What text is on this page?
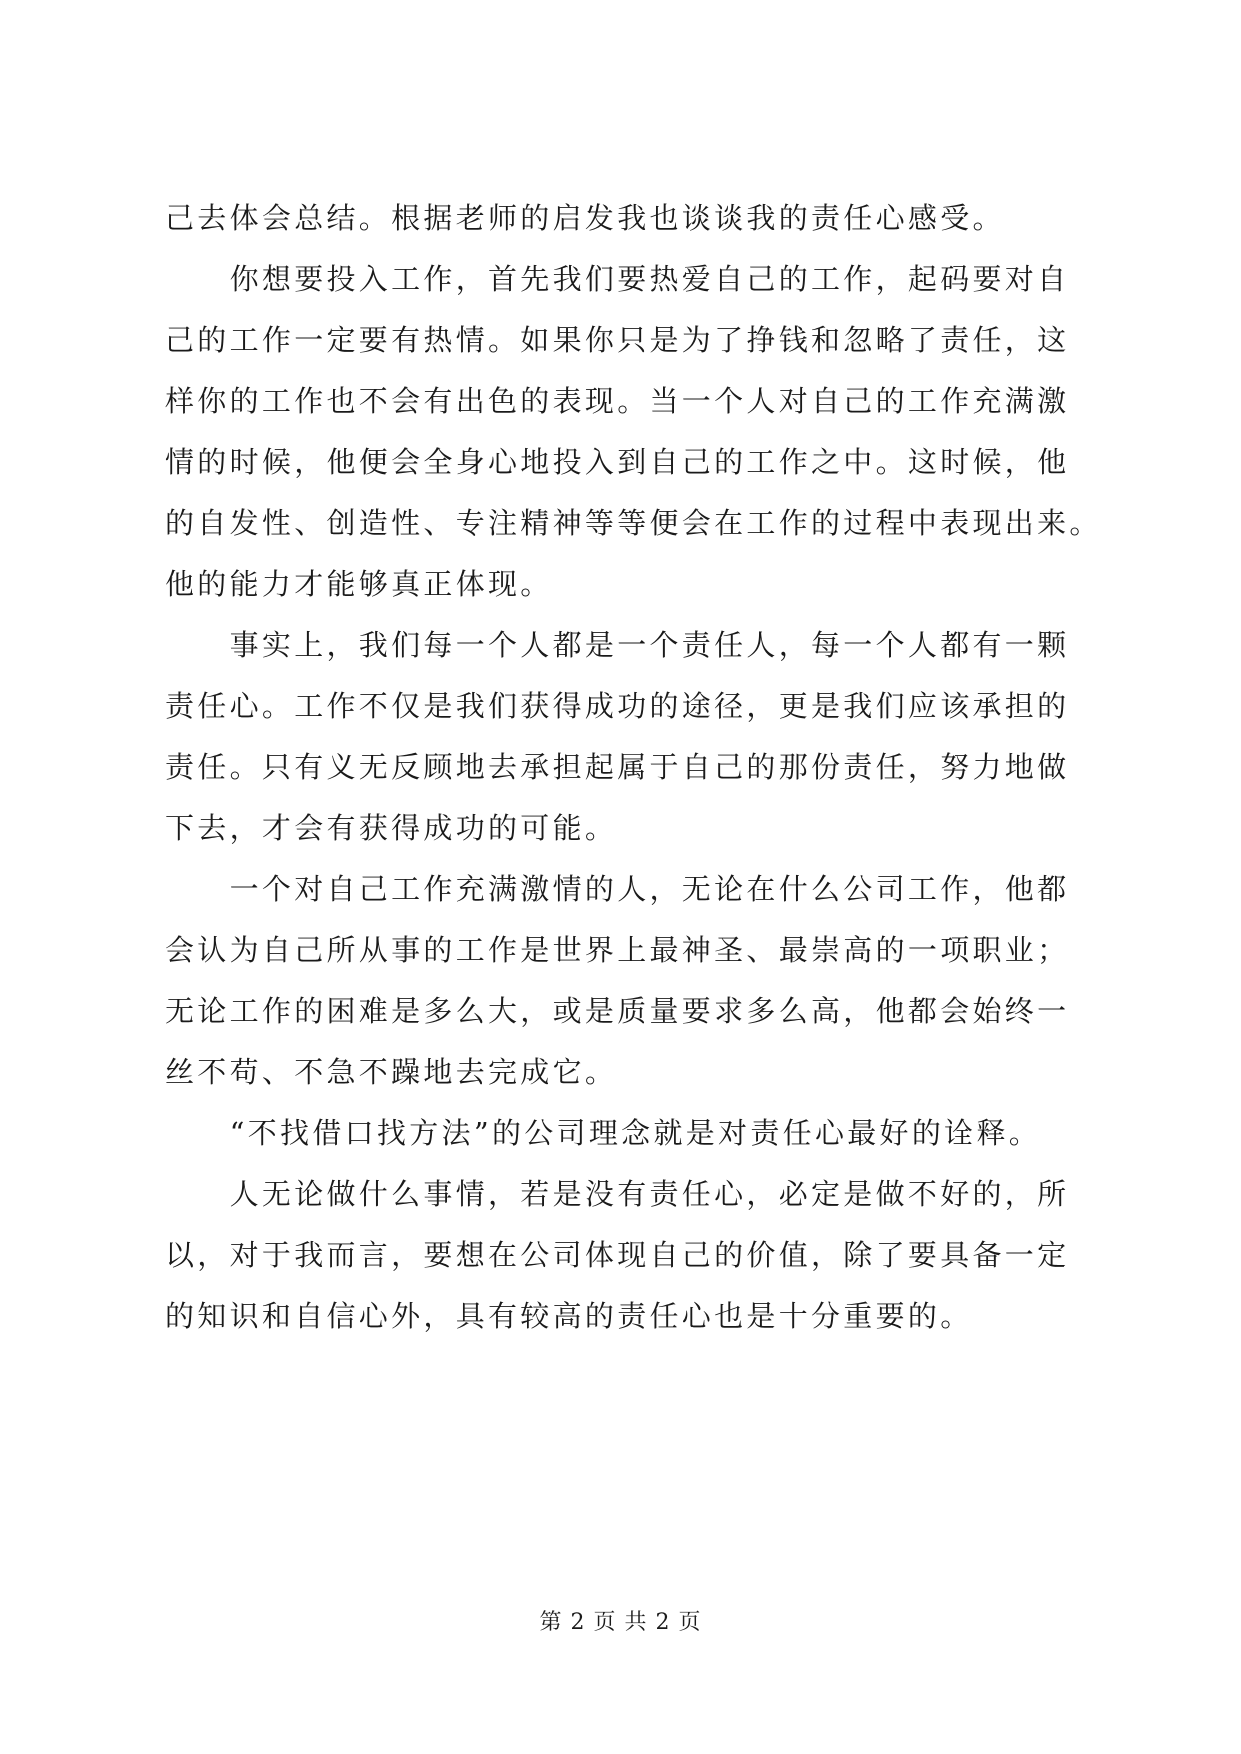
己去体会总结。根据老师的启发我也谈谈我的责任心感受。
　　你想要投入工作，首先我们要热爱自己的工作，起码要对自
己的工作一定要有热情。如果你只是为了挣钱和忽略了责任，这
样你的工作也不会有出色的表现。当一个人对自己的工作充满激
情的时候，他便会全身心地投入到自己的工作之中。这时候，他
的自发性、创造性、专注精神等等便会在工作的过程中表现出来。
他的能力才能够真正体现。
　　事实上，我们每一个人都是一个责任人，每一个人都有一颗
责任心。工作不仅是我们获得成功的途径，更是我们应该承担的
责任。只有义无反顾地去承担起属于自己的那份责任，努力地做
下去，才会有获得成功的可能。
　　一个对自己工作充满激情的人，无论在什么公司工作，他都
会认为自己所从事的工作是世界上最神圣、最崇高的一项职业；
无论工作的困难是多么大，或是质量要求多么高，他都会始终一
丝不苟、不急不躁地去完成它。
　　“不找借口找方法”的公司理念就是对责任心最好的诠释。
　　人无论做什么事情，若是没有责任心，必定是做不好的，所
以，对于我而言，要想在公司体现自己的价值，除了要具备一定
的知识和自信心外，具有较高的责任心也是十分重要的。
第 2 页 共 2 页
